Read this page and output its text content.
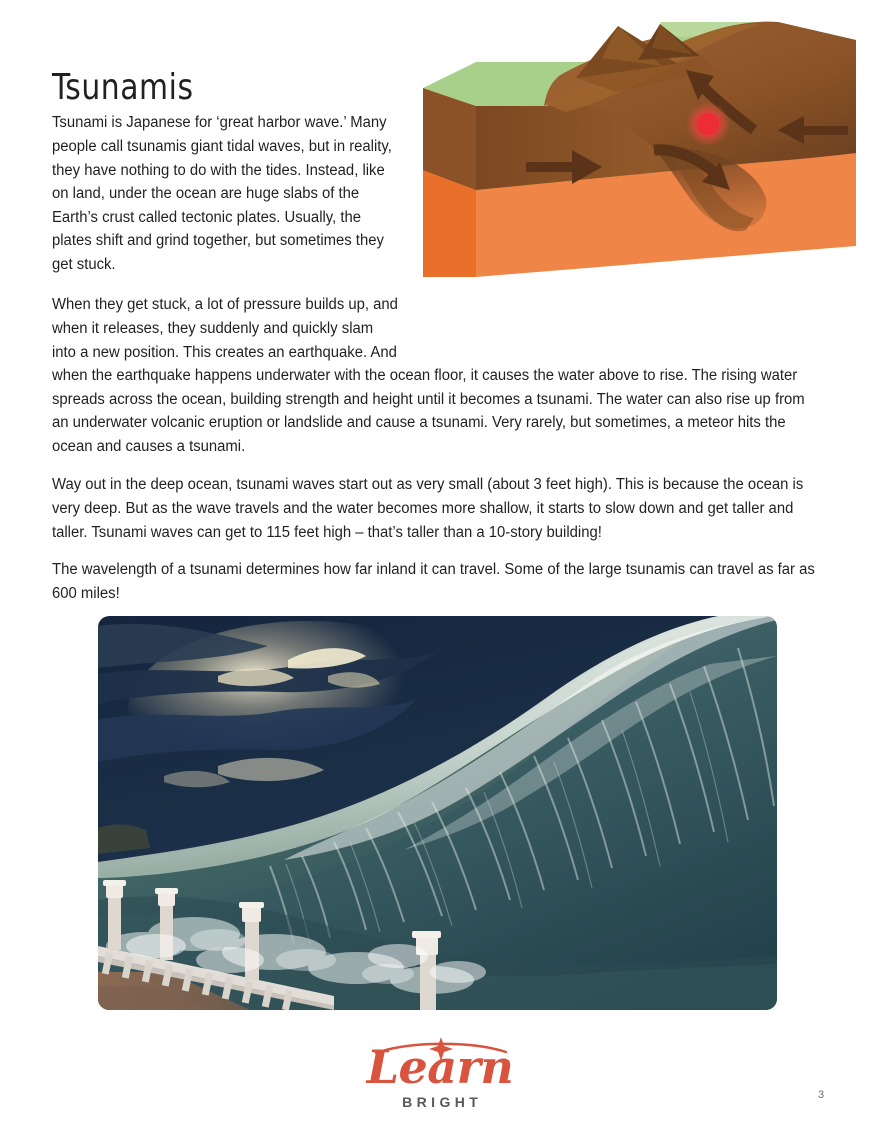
Tsunamis

Tsunami is Japanese for ‘great harbor wave.’ Many people call tsunamis giant tidal waves, but in reality, they have nothing to do with the tides. Instead, like on land, under the ocean are huge slabs of the Earth’s crust called tectonic plates. Usually, the plates shift and grind together, but sometimes they get stuck.

When they get stuck, a lot of pressure builds up, and when it releases, they suddenly and quickly slam into a new position. This creates an earthquake. And when the earthquake happens underwater with the ocean floor, it causes the water above to rise. The rising water spreads across the ocean, building strength and height until it becomes a tsunami. The water can also rise up from an underwater volcanic eruption or landslide and cause a tsunami. Very rarely, but sometimes, a meteor hits the ocean and causes a tsunami.

Way out in the deep ocean, tsunami waves start out as very small (about 3 feet high). This is because the ocean is very deep. But as the wave travels and the water becomes more shallow, it starts to slow down and get taller and taller. Tsunami waves can get to 115 feet high – that’s taller than a 10-story building!

The wavelength of a tsunami determines how far inland it can travel. Some of the large tsunamis can travel as far as 600 miles!

Learn
BRIGHT	3
